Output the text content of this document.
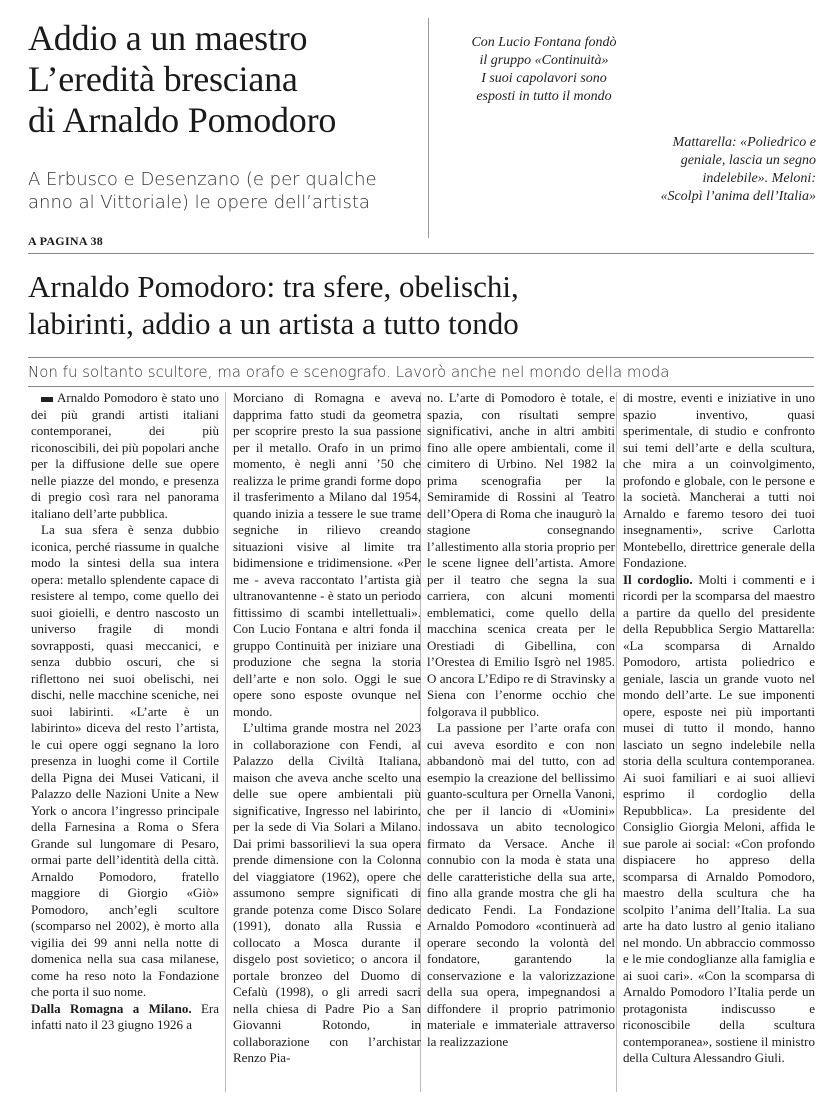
Addio a un maestro
L’eredità bresciana
di Arnaldo Pomodoro
A Erbusco e Desenzano (e per qualche
anno al Vittoriale) le opere dell’artista
A PAGINA 38
Con Lucio Fontana fondò
il gruppo «Continuità»
I suoi capolavori sono
esposti in tutto il mondo
Mattarella: «Poliedrico e
geniale, lascia un segno
indelebile». Meloni:
«Scolpì l’anima dell’Italia»
Arnaldo Pomodoro: tra sfere, obelischi,
labirinti, addio a un artista a tutto tondo
Non fu soltanto scultore, ma orafo e scenografo. Lavorò anche nel mondo della moda

Arnaldo Pomodoro è stato uno dei più grandi artisti italiani contemporanei, dei più riconoscibili, dei più popolari anche per la diffusione delle sue opere nelle piazze del mondo, e presenza di pregio così rara nel panorama italiano dell’arte pubblica.

La sua sfera è senza dubbio iconica, perché riassume in qualche modo la sintesi della sua intera opera: metallo splendente capace di resistere al tempo, come quello dei suoi gioielli, e dentro nascosto un universo fragile di mondi sovrapposti, quasi meccanici, e senza dubbio oscuri, che si riflettono nei suoi obelischi, nei dischi, nelle macchine sceniche, nei suoi labirinti. «L’arte è un labirinto» diceva del resto l’artista, le cui opere oggi segnano la loro presenza in luoghi come il Cortile della Pigna dei Musei Vaticani, il Palazzo delle Nazioni Unite a New York o ancora l’ingresso principale della Farnesina a Roma o Sfera Grande sul lungomare di Pesaro, ormai parte dell’identità della città. Arnaldo Pomodoro, fratello maggiore di Giorgio «Giò» Pomodoro, anch’egli scultore (scomparso nel 2002), è morto alla vigilia dei 99 anni nella notte di domenica nella sua casa milanese, come ha reso noto la Fondazione che porta il suo nome.

Dalla Romagna a Milano. Era infatti nato il 23 giugno 1926 a

Morciano di Romagna e aveva dapprima fatto studi da geometra per scoprire presto la sua passione per il metallo. Orafo in un primo momento, è negli anni ’50 che realizza le prime grandi forme dopo il trasferimento a Milano dal 1954, quando inizia a tessere le sue trame segniche in rilievo creando situazioni visive al limite tra bidimensione e tridimensione. «Per me - aveva raccontato l’artista già ultranovantenne - è stato un periodo fittissimo di scambi intellettuali». Con Lucio Fontana e altri fonda il gruppo Continuità per iniziare una produzione che segna la storia dell’arte e non solo. Oggi le sue opere sono esposte ovunque nel mondo.

L’ultima grande mostra nel 2023 in collaborazione con Fendi, al Palazzo della Civiltà Italiana, maison che aveva anche scelto una delle sue opere ambientali più significative, Ingresso nel labirinto, per la sede di Via Solari a Milano. Dai primi bassorilievi la sua opera prende dimensione con la Colonna del viaggiatore (1962), opere che assumono sempre significati di grande potenza come Disco Solare (1991), donato alla Russia e collocato a Mosca durante il disgelo post sovietico; o ancora il portale bronzeo del Duomo di Cefalù (1998), o gli arredi sacri nella chiesa di Padre Pio a San Giovanni Rotondo, in collaborazione con l’archistar Renzo Pia-

no. L’arte di Pomodoro è totale, e spazia, con risultati sempre significativi, anche in altri ambiti fino alle opere ambientali, come il cimitero di Urbino. Nel 1982 la prima scenografia per la Semiramide di Rossini al Teatro dell’Opera di Roma che inaugurò la stagione consegnando l’allestimento alla storia proprio per le scene lignee dell’artista. Amore per il teatro che segna la sua carriera, con alcuni momenti emblematici, come quello della macchina scenica creata per le Orestiadi di Gibellina, con l’Orestea di Emilio Isgrò nel 1985. O ancora L’Edipo re di Stravinsky a Siena con l’enorme occhio che folgorava il pubblico.

La passione per l’arte orafa con cui aveva esordito e con non abbandonò mai del tutto, con ad esempio la creazione del bellissimo guanto-scultura per Ornella Vanoni, che per il lancio di «Uomini» indossava un abito tecnologico firmato da Versace. Anche il connubio con la moda è stata una delle caratteristiche della sua arte, fino alla grande mostra che gli ha dedicato Fendi. La Fondazione Arnaldo Pomodoro «continuerà ad operare secondo la volontà del fondatore, garantendo la conservazione e la valorizzazione della sua opera, impegnandosi a diffondere il proprio patrimonio materiale e immateriale attraverso la realizzazione

di mostre, eventi e iniziative in uno spazio inventivo, quasi sperimentale, di studio e confronto sui temi dell’arte e della scultura, che mira a un coinvolgimento, profondo e globale, con le persone e la società. Mancherai a tutti noi Arnaldo e faremo tesoro dei tuoi insegnamenti», scrive Carlotta Montebello, direttrice generale della Fondazione.

Il cordoglio. Molti i commenti e i ricordi per la scomparsa del maestro a partire da quello del presidente della Repubblica Sergio Mattarella: «La scomparsa di Arnaldo Pomodoro, artista poliedrico e geniale, lascia un grande vuoto nel mondo dell’arte. Le sue imponenti opere, esposte nei più importanti musei di tutto il mondo, hanno lasciato un segno indelebile nella storia della scultura contemporanea. Ai suoi familiari e ai suoi allievi esprimo il cordoglio della Repubblica». La presidente del Consiglio Giorgia Meloni, affida le sue parole ai social: «Con profondo dispiacere ho appreso della scomparsa di Arnaldo Pomodoro, maestro della scultura che ha scolpito l’anima dell’Italia. La sua arte ha dato lustro al genio italiano nel mondo. Un abbraccio commosso e le mie condoglianze alla famiglia e ai suoi cari». «Con la scomparsa di Arnaldo Pomodoro l’Italia perde un protagonista indiscusso e riconoscibile della scultura contemporanea», sostiene il ministro della Cultura Alessandro Giuli.
